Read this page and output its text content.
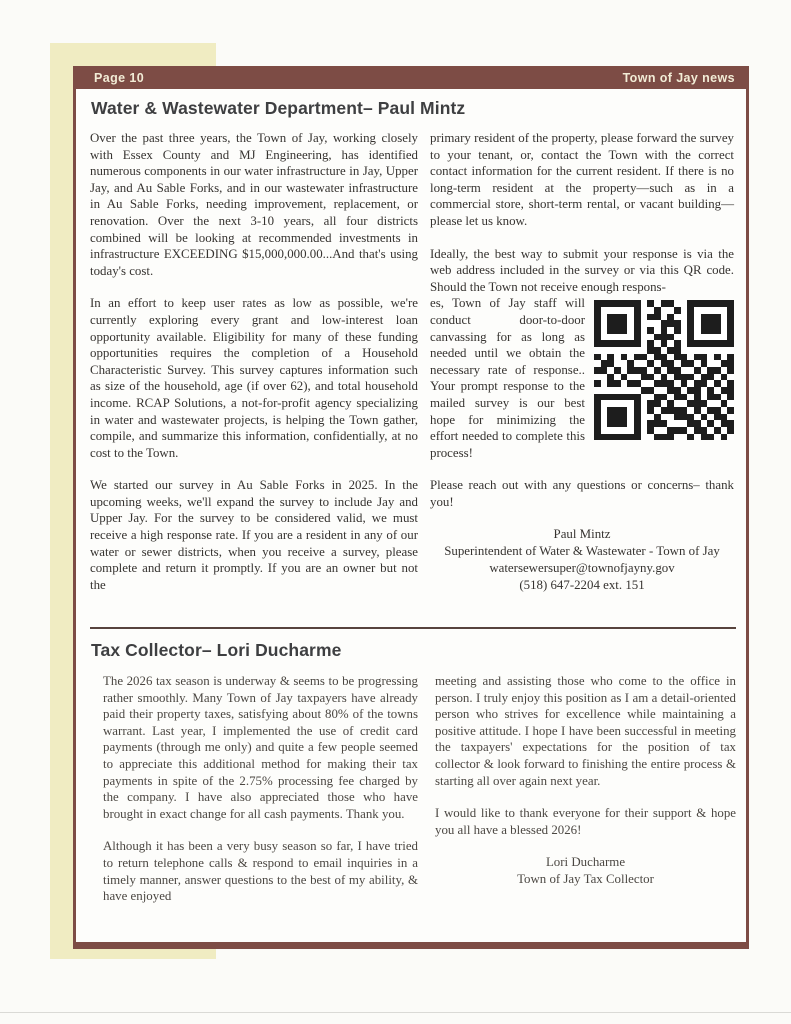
Page 10	Town of Jay news
Water & Wastewater Department– Paul Mintz

Over the past three years, the Town of Jay, working closely with Essex County and MJ Engineering, has identified numerous components in our water infrastructure in Jay, Upper Jay, and Au Sable Forks, and in our wastewater infrastructure in Au Sable Forks, needing improvement, replacement, or renovation. Over the next 3-10 years, all four districts combined will be looking at recommended investments in infrastructure EXCEEDING $15,000,000.00...And that's using today's cost.

In an effort to keep user rates as low as possible, we're currently exploring every grant and low-interest loan opportunity available. Eligibility for many of these funding opportunities requires the completion of a Household Characteristic Survey. This survey captures information such as size of the household, age (if over 62), and total household income. RCAP Solutions, a not-for-profit agency specializing in water and wastewater projects, is helping the Town gather, compile, and summarize this information, confidentially, at no cost to the Town.

We started our survey in Au Sable Forks in 2025. In the upcoming weeks, we'll expand the survey to include Jay and Upper Jay. For the survey to be considered valid, we must receive a high response rate. If you are a resident in any of our water or sewer districts, when you receive a survey, please complete and return it promptly. If you are an owner but not the

primary resident of the property, please forward the survey to your tenant, or, contact the Town with the correct contact information for the current resident. If there is no long-term resident at the property—such as in a commercial store, short-term rental, or vacant building—please let us know.

Ideally, the best way to submit your response is via the web address included in the survey or via this QR code. Should the Town not receive enough respons-

es, Town of Jay staff will conduct door-to-door canvassing for as long as needed until we obtain the necessary rate of response.. Your prompt response to the mailed survey is our best hope for minimizing the effort needed to complete this process!

Please reach out with any questions or concerns– thank you!

Paul Mintz
Superintendent of Water & Wastewater - Town of Jay
watersewersuper@townofjayny.gov
(518) 647-2204 ext. 151
Tax Collector– Lori Ducharme

The 2026 tax season is underway & seems to be progressing rather smoothly. Many Town of Jay taxpayers have already paid their property taxes, satisfying about 80% of the towns warrant. Last year, I implemented the use of credit card payments (through me only) and quite a few people seemed to appreciate this additional method for making their tax payments in spite of the 2.75% processing fee charged by the company. I have also appreciated those who have brought in exact change for all cash payments. Thank you.

Although it has been a very busy season so far, I have tried to return telephone calls & respond to email inquiries in a timely manner, answer questions to the best of my ability, & have enjoyed

meeting and assisting those who come to the office in person. I truly enjoy this position as I am a detail-oriented person who strives for excellence while maintaining a positive attitude. I hope I have been successful in meeting the taxpayers' expectations for the position of tax collector & look forward to finishing the entire process & starting all over again next year.

I would like to thank everyone for their support & hope you all have a blessed 2026!

Lori Ducharme
Town of Jay Tax Collector
